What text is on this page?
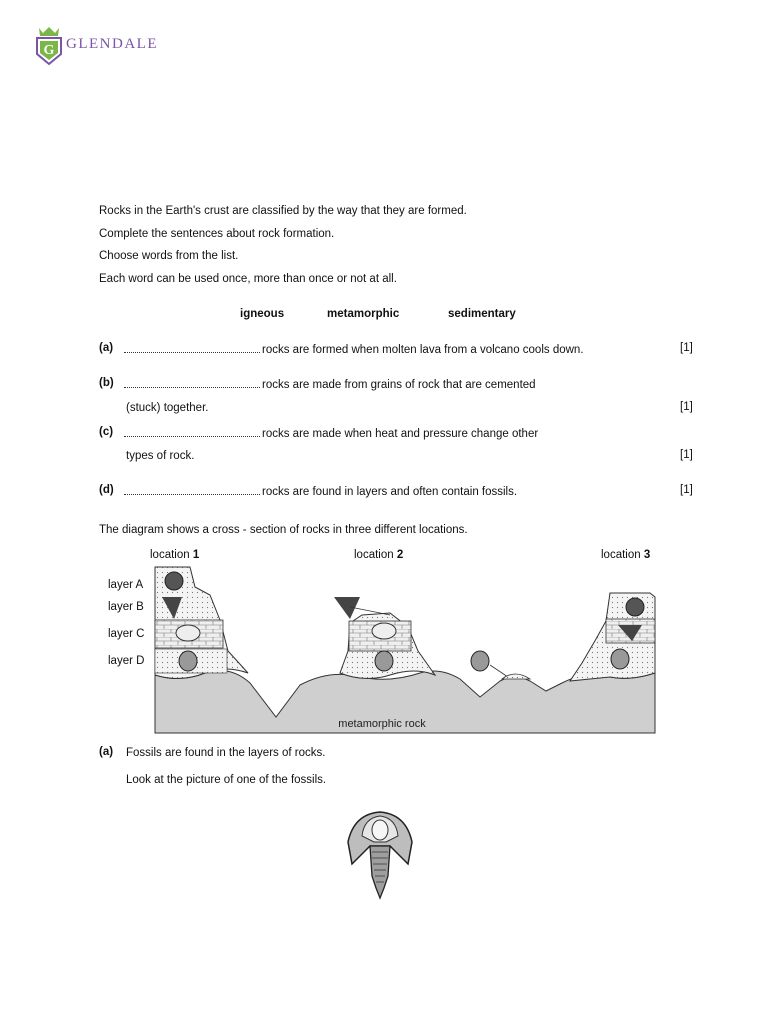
G GLENDALE
Rocks in the Earth's crust are classified by the way that they are formed.
Complete the sentences about rock formation.
Choose words from the list.
Each word can be used once, more than once or not at all.
igneous	metamorphic	sedimentary
(a)	rocks are formed when molten lava from a volcano cools down.	[1]
(b)	rocks are made from grains of rock that are cemented
(stuck) together.	[1]
(c)	rocks are made when heat and pressure change other
types of rock.	[1]
(d)	rocks are found in layers and often contain fossils.	[1]
The diagram shows a cross - section of rocks in three different locations.
location 1	location 2	location 3
layer A
layer B
layer C
layer D
metamorphic rock
(a) Fossils are found in the layers of rocks.
Look at the picture of one of the fossils.
